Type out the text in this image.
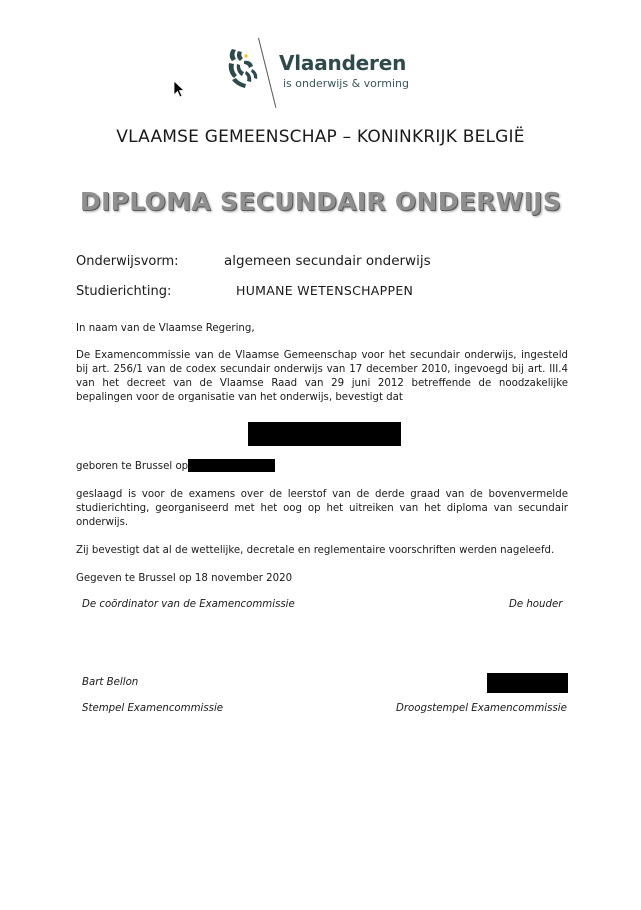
Vlaanderen
is onderwijs & vorming
VLAAMSE GEMEENSCHAP – KONINKRIJK BELGIË
DIPLOMA SECUNDAIR ONDERWIJS
Onderwijsvorm:	algemeen secundair onderwijs
Studierichting:	HUMANE WETENSCHAPPEN
In naam van de Vlaamse Regering,
De Examencommissie van de Vlaamse Gemeenschap voor het secundair onderwijs, ingesteld bij art. 256/1 van de codex secundair onderwijs van 17 december 2010, ingevoegd bij art. III.4 van het decreet van de Vlaamse Raad van 29 juni 2012 betreffende de noodzakelijke bepalingen voor de organisatie van het onderwijs, bevestigt dat
geboren te Brussel op
geslaagd is voor de examens over de leerstof van de derde graad van de bovenvermelde studierichting, georganiseerd met het oog op het uitreiken van het diploma van secundair onderwijs.
Zij bevestigt dat al de wettelijke, decretale en reglementaire voorschriften werden nageleefd.
Gegeven te Brussel op 18 november 2020
De coördinator van de Examencommissie	De houder
Bart Bellon
Stempel Examencommissie	Droogstempel Examencommissie
